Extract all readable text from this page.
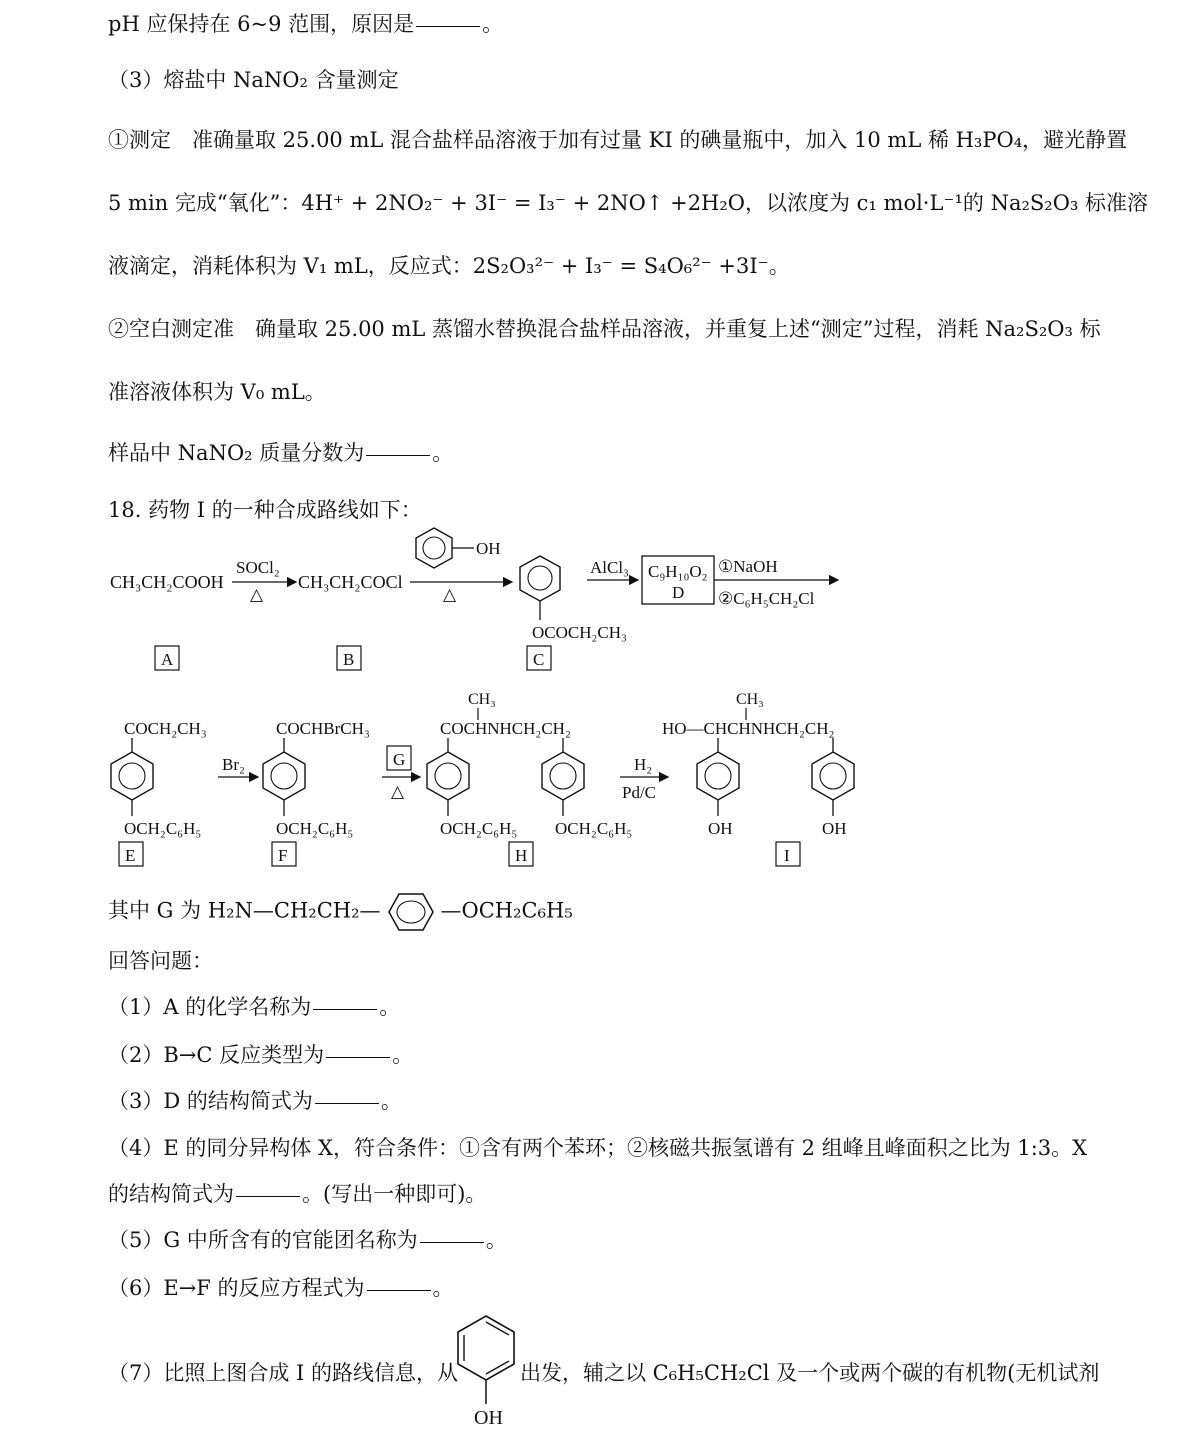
pH 应保持在 6~9 范围，原因是	。
（3）熔盐中 NaNO₂ 含量测定
①测定　准确量取 25.00 mL 混合盐样品溶液于加有过量 KI 的碘量瓶中，加入 10 mL 稀 H₃PO₄，避光静置
5 min 完成“氧化”：4H⁺ + 2NO₂⁻ + 3I⁻ = I₃⁻ + 2NO↑ +2H₂O，以浓度为 c₁ mol·L⁻¹的 Na₂S₂O₃ 标准溶
液滴定，消耗体积为 V₁ mL，反应式：2S₂O₃²⁻ + I₃⁻ = S₄O₆²⁻ +3I⁻。
②空白测定准　确量取 25.00 mL 蒸馏水替换混合盐样品溶液，并重复上述“测定”过程，消耗 Na₂S₂O₃ 标
准溶液体积为 V₀ mL。
样品中 NaNO₂ 质量分数为	。
18. 药物 I 的一种合成路线如下：
CH₃CH₂COOH
SOCl₂
△
CH₃CH₂COCl
OH
△
OCOCH₂CH₃
AlCl₃ C₉H₁₀O₂
D
①NaOH
②C₆H₅CH₂Cl
A	B	C
COCH₂CH₃
OCH₂C₆H₅
E
Br₂
COCHBrCH₃
OCH₂C₆H₅
F
G
△
CH₃
COCHNHCH₂CH₂
OCH₂C₆H₅ OCH₂C₆H₅
H
H₂
Pd/C
CH₃
HO—CHCHNHCH₂CH₂
OH	OH
I
其中 G 为 H₂N—CH₂CH₂—	—OCH₂C₆H₅
回答问题：
（1）A 的化学名称为	。
（2）B→C 反应类型为	。
（3）D 的结构简式为	。
（4）E 的同分异构体 X，符合条件：①含有两个苯环；②核磁共振氢谱有 2 组峰且峰面积之比为 1:3。X
的结构简式为	。(写出一种即可)。
（5）G 中所含有的官能团名称为	。
（6）E→F 的反应方程式为	。
（7）比照上图合成 I 的路线信息，从
OH
出发，辅之以 C₆H₅CH₂Cl 及一个或两个碳的有机物(无机试剂
